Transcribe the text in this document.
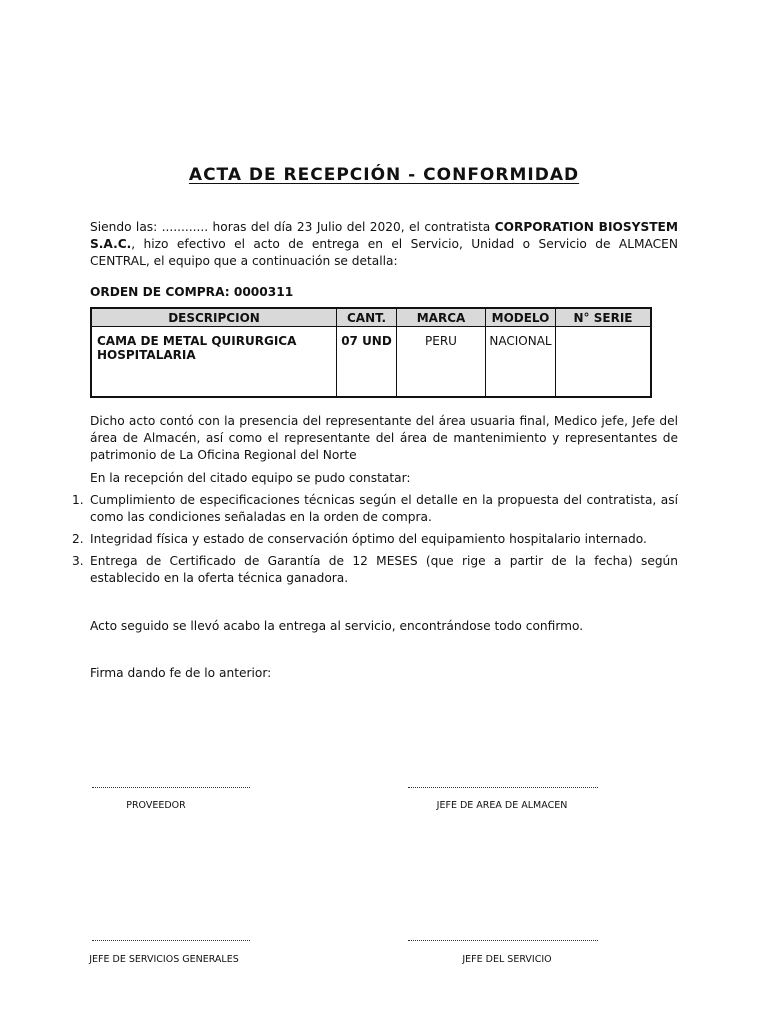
ACTA DE RECEPCIÓN - CONFORMIDAD
Siendo las: ............ horas del día 23 Julio del 2020, el contratista CORPORATION BIOSYSTEM S.A.C., hizo efectivo el acto de entrega en el Servicio, Unidad o Servicio de ALMACEN CENTRAL, el equipo que a continuación se detalla:
ORDEN DE COMPRA: 0000311
DESCRIPCION	CANT.	MARCA	MODELO	N° SERIE
CAMA DE METAL QUIRURGICA HOSPITALARIA	07 UND	PERU	NACIONAL	
Dicho acto contó con la presencia del representante del área usuaria final, Medico jefe, Jefe del área de Almacén, así como el representante del área de mantenimiento y representantes de patrimonio de La Oficina Regional del Norte
En la recepción del citado equipo se pudo constatar:
1. Cumplimiento de especificaciones técnicas según el detalle en la propuesta del contratista, así como las condiciones señaladas en la orden de compra.
2. Integridad física y estado de conservación óptimo del equipamiento hospitalario internado.
3. Entrega de Certificado de Garantía de 12 MESES (que rige a partir de la fecha) según establecido en la oferta técnica ganadora.
Acto seguido se llevó acabo la entrega al servicio, encontrándose todo confirmo.
Firma dando fe de lo anterior:
PROVEEDOR	JEFE DE AREA DE ALMACEN
JEFE DE SERVICIOS GENERALES	JEFE DEL SERVICIO
